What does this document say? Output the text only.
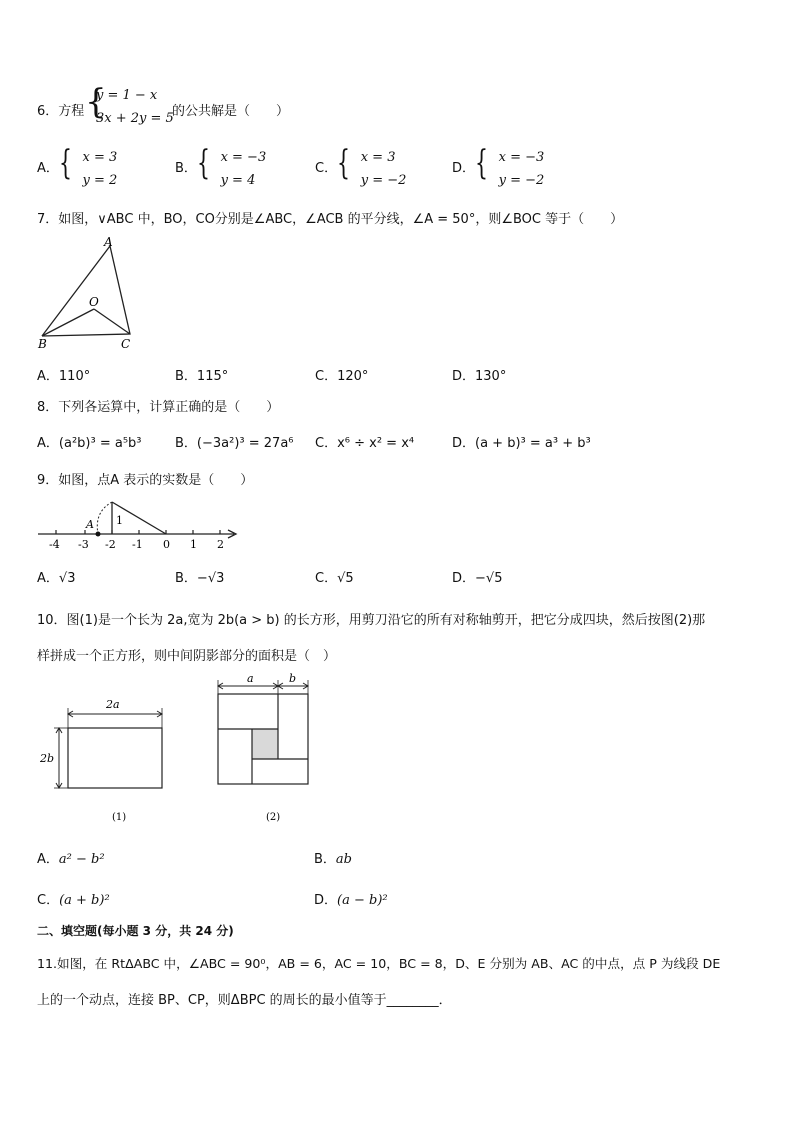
6．方程 {
y = 1 − x
3x + 2y = 5
的公共解是（　　）
A．{ x = 3
y = 2
B．{ x = −3
y = 4
C．{ x = 3
y = −2
D．{ x = −3
y = −2
7．如图，∨ABC 中，BO，CO分别是∠ABC，∠ACB 的平分线，∠A = 50°，则∠BOC 等于（　　）
A
O
B	C
A．110°	B．115°	C．120°	D．130°
8．下列各运算中，计算正确的是（　　）
A．(a²b)³ = a⁵b³	B．(−3a²)³ = 27a⁶ C．x⁶ ÷ x² = x⁴	D．(a + b)³ = a³ + b³
9．如图，点A 表示的实数是（　　）
A 1
-4 -3 -2 -1 0 1 2
A．√3	B．−√3	C．√5	D．−√5
10．图(1)是一个长为 2a,宽为 2b(a > b) 的长方形，用剪刀沿它的所有对称轴剪开，把它分成四块，然后按图(2)那
样拼成一个正方形，则中间阴影部分的面积是（　）
2a
2b
(1)
a	b
(2)
A．a² − b²	B．ab
C．(a + b)²	D．(a − b)²
二、填空题(每小题 3 分，共 24 分)
11.如图，在 RtΔABC 中，∠ABC = 90⁰，AB = 6，AC = 10，BC = 8，D、E 分别为 AB、AC 的中点，点 P 为线段 DE
上的一个动点，连接 BP、CP，则ΔBPC 的周长的最小值等于________．
